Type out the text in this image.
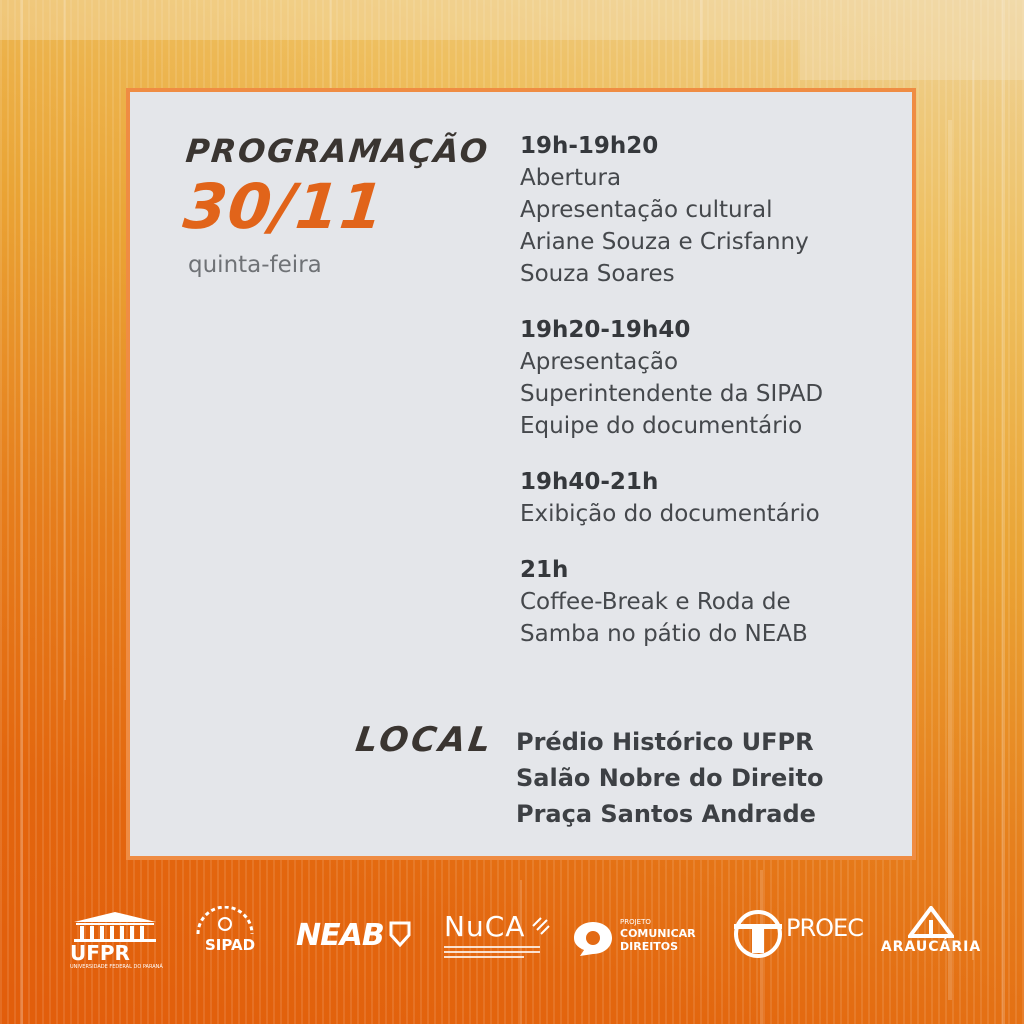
PROGRAMAÇÃO
30/11
quinta-feira
19h-19h20
Abertura
Apresentação cultural
Ariane Souza e Crisfanny
Souza Soares
19h20-19h40
Apresentação
Superintendente da SIPAD
Equipe do documentário
19h40-21h
Exibição do documentário
21h
Coffee-Break e Roda de
Samba no pátio do NEAB
LOCAL Prédio Histórico UFPR
Salão Nobre do Direito
Praça Santos Andrade
UFPR
UNIVERSIDADE FEDERAL DO PARANÁ
SIPAD	NEAB	NuCA	PROJETO
COMUNICAR
DIREITOS
PROEC
ARAUCÁRIA
